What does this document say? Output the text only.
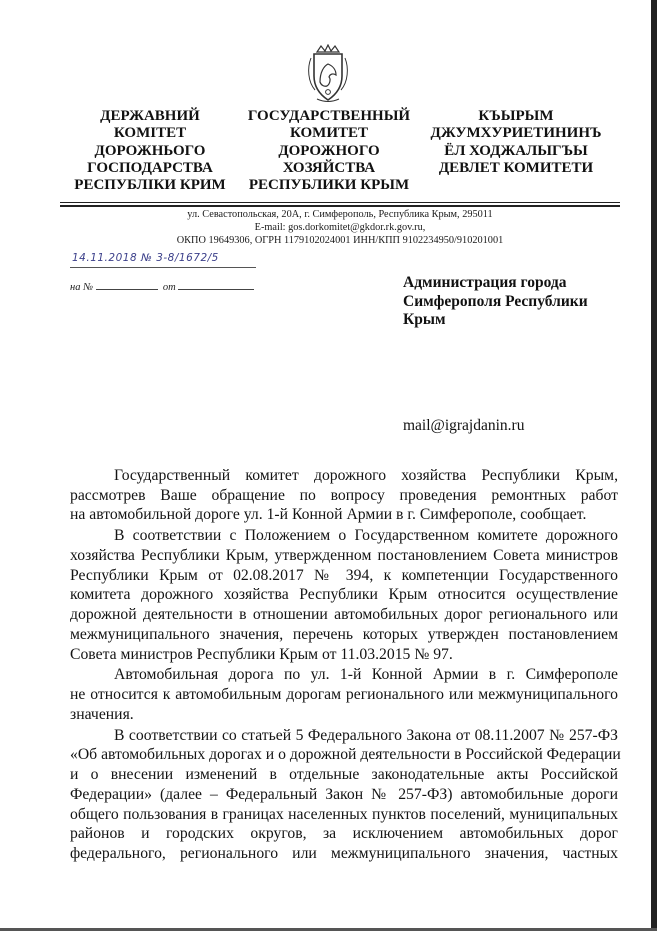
ДЕРЖАВНИЙ
КОМІТЕТ
ДОРОЖНЬОГО
ГОСПОДАРСТВА
РЕСПУБЛІКИ КРИМ
ГОСУДАРСТВЕННЫЙ
КОМИТЕТ
ДОРОЖНОГО
ХОЗЯЙСТВА
РЕСПУБЛИКИ КРЫМ
КЪЫРЫМ
ДЖУМХУРИЕТИНИНЪ
ЁЛ ХОДЖАЛЫГЪЫ
ДЕВЛЕТ КОМИТЕТИ
ул. Севастопольская, 20А, г. Симферополь, Республика Крым, 295011
E-mail: gos.dorkomitet@gkdor.rk.gov.ru,
ОКПО 19649306, ОГРН 1179102024001 ИНН/КПП 9102234950/910201001
14.11.2018 № 3-8/1672/5
на №	от	Администрация города
Симферополя Республики
Крым
mail@igrajdanin.ru
Государственный комитет дорожного хозяйства Республики Крым,
рассмотрев Ваше обращение по вопросу проведения ремонтных работ
на автомобильной дороге ул. 1-й Конной Армии в г. Симферополе, сообщает.
В соответствии с Положением о Государственном комитете дорожного
хозяйства Республики Крым, утвержденном постановлением Совета министров
Республики Крым от 02.08.2017 № 394, к компетенции Государственного
комитета дорожного хозяйства Республики Крым относится осуществление
дорожной деятельности в отношении автомобильных дорог регионального или
межмуниципального значения, перечень которых утвержден постановлением
Совета министров Республики Крым от 11.03.2015 № 97.
Автомобильная дорога по ул. 1-й Конной Армии в г. Симферополе
не относится к автомобильным дорогам регионального или межмуниципального
значения.
В соответствии со статьей 5 Федерального Закона от 08.11.2007 № 257-ФЗ
«Об автомобильных дорогах и о дорожной деятельности в Российской Федерации
и о внесении изменений в отдельные законодательные акты Российской
Федерации» (далее – Федеральный Закон № 257-ФЗ) автомобильные дороги
общего пользования в границах населенных пунктов поселений, муниципальных
районов и городских округов, за исключением автомобильных дорог
федерального, регионального или межмуниципального значения, частных
